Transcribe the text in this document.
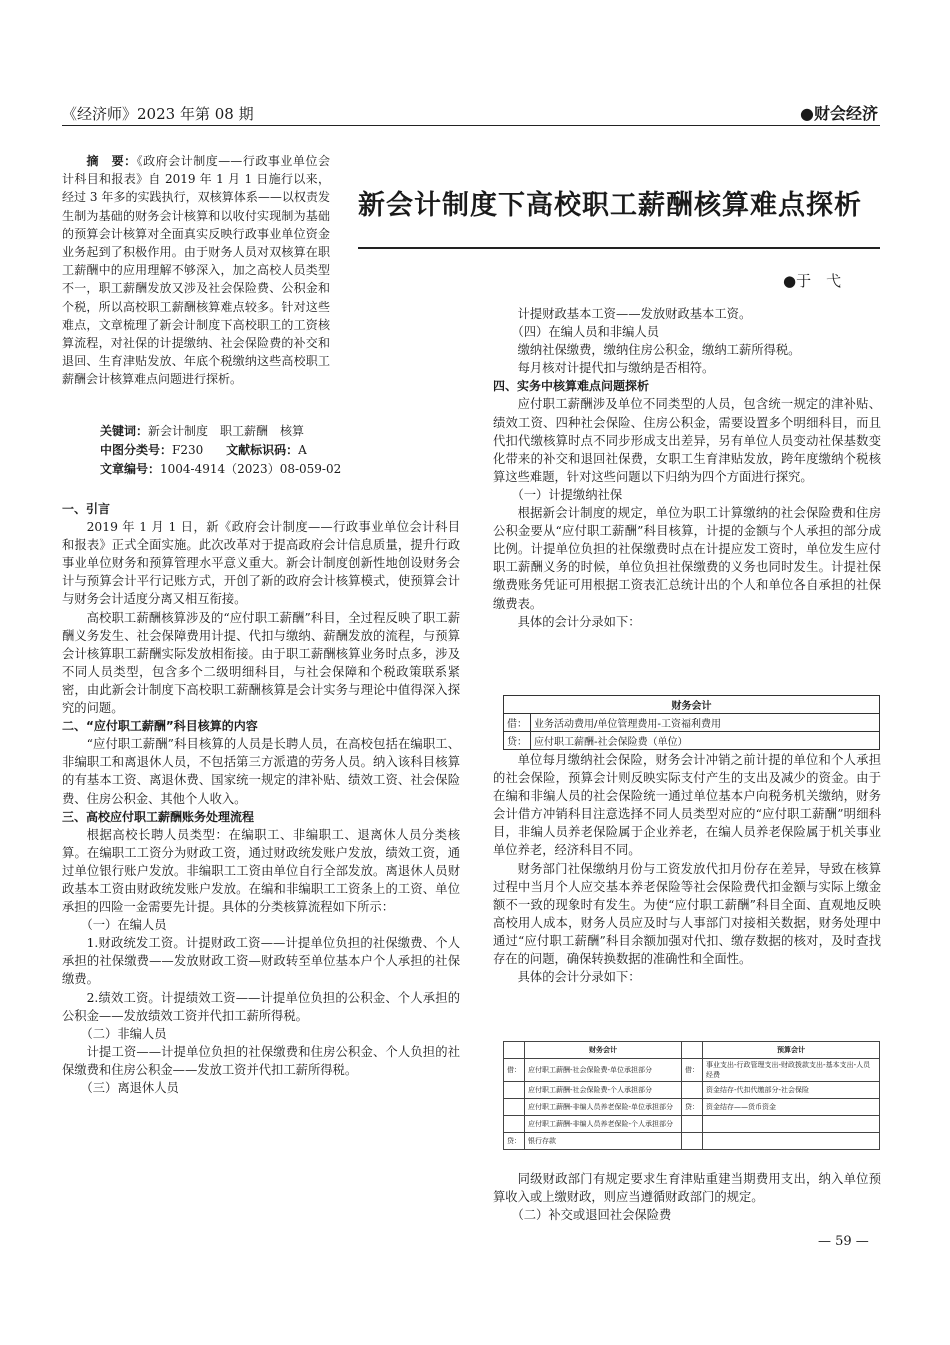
《经济师》2023 年第 08 期	●财会经济
新会计制度下高校职工薪酬核算难点探析
●于　弋
摘　要：《政府会计制度——行政事业单位会计科目和报表》自 2019 年 1 月 1 日施行以来，经过 3 年多的实践执行，双核算体系——以权责发生制为基础的财务会计核算和以收付实现制为基础的预算会计核算对全面真实反映行政事业单位资金业务起到了积极作用。由于财务人员对双核算在职工薪酬中的应用理解不够深入，加之高校人员类型不一，职工薪酬发放又涉及社会保险费、公积金和个税，所以高校职工薪酬核算难点较多。针对这些难点，文章梳理了新会计制度下高校职工的工资核算流程，对社保的计提缴纳、社会保险费的补交和退回、生育津贴发放、年底个税缴纳这些高校职工薪酬会计核算难点问题进行探析。
关键词：新会计制度　职工薪酬　核算
中图分类号：F230 文献标识码：A
文章编号：1004-4914（2023）08-059-02

一、引言

2019 年 1 月 1 日，新《政府会计制度——行政事业单位会计科目和报表》正式全面实施。此次改革对于提高政府会计信息质量，提升行政事业单位财务和预算管理水平意义重大。新会计制度创新性地创设财务会计与预算会计平行记账方式，开创了新的政府会计核算模式，使预算会计与财务会计适度分离又相互衔接。

高校职工薪酬核算涉及的“应付职工薪酬”科目，全过程反映了职工薪酬义务发生、社会保障费用计提、代扣与缴纳、薪酬发放的流程，与预算会计核算职工薪酬实际发放相衔接。由于职工薪酬核算业务时点多，涉及不同人员类型，包含多个二级明细科目，与社会保障和个税政策联系紧密，由此新会计制度下高校职工薪酬核算是会计实务与理论中值得深入探究的问题。

二、“应付职工薪酬”科目核算的内容

“应付职工薪酬”科目核算的人员是长聘人员，在高校包括在编职工、非编职工和离退休人员，不包括第三方派遣的劳务人员。纳入该科目核算的有基本工资、离退休费、国家统一规定的津补贴、绩效工资、社会保险费、住房公积金、其他个人收入。

三、高校应付职工薪酬账务处理流程

根据高校长聘人员类型：在编职工、非编职工、退离休人员分类核算。在编职工工资分为财政工资，通过财政统发账户发放，绩效工资，通过单位银行账户发放。非编职工工资由单位自行全部发放。离退休人员财政基本工资由财政统发账户发放。在编和非编职工工资条上的工资、单位承担的四险一金需要先计提。具体的分类核算流程如下所示：

（一）在编人员

1.财政统发工资。计提财政工资——计提单位负担的社保缴费、个人承担的社保缴费——发放财政工资—财政转至单位基本户个人承担的社保缴费。

2.绩效工资。计提绩效工资——计提单位负担的公积金、个人承担的公积金——发放绩效工资并代扣工薪所得税。

（二）非编人员

计提工资——计提单位负担的社保缴费和住房公积金、个人负担的社保缴费和住房公积金——发放工资并代扣工薪所得税。

（三）离退休人员

计提财政基本工资——发放财政基本工资。

（四）在编人员和非编人员

缴纳社保缴费，缴纳住房公积金，缴纳工薪所得税。

每月核对计提代扣与缴纳是否相符。

四、实务中核算难点问题探析

应付职工薪酬涉及单位不同类型的人员，包含统一规定的津补贴、绩效工资、四种社会保险、住房公积金，需要设置多个明细科目，而且代扣代缴核算时点不同步形成支出差异，另有单位人员变动社保基数变化带来的补交和退回社保费，女职工生育津贴发放，跨年度缴纳个税核算这些难题，针对这些问题以下归纳为四个方面进行探究。

（一）计提缴纳社保

根据新会计制度的规定，单位为职工计算缴纳的社会保险费和住房公积金要从“应付职工薪酬”科目核算，计提的金额与个人承担的部分成比例。计提单位负担的社保缴费时点在计提应发工资时，单位发生应付职工薪酬义务的时候，单位负担社保缴费的义务也同时发生。计提社保缴费账务凭证可用根据工资表汇总统计出的个人和单位各自承担的社保缴费表。

具体的会计分录如下：

财务会计	
借：	业务活动费用/单位管理费用-工资福利费用
贷：	应付职工薪酬-社会保险费（单位）

单位每月缴纳社会保险，财务会计冲销之前计提的单位和个人承担的社会保险，预算会计则反映实际支付产生的支出及减少的资金。由于在编和非编人员的社会保险统一通过单位基本户向税务机关缴纳，财务会计借方冲销科目注意选择不同人员类型对应的“应付职工薪酬”明细科目，非编人员养老保险属于企业养老，在编人员养老保险属于机关事业单位养老，经济科目不同。

财务部门社保缴纳月份与工资发放代扣月份存在差异，导致在核算过程中当月个人应交基本养老保险等社会保险费代扣金额与实际上缴金额不一致的现象时有发生。为使“应付职工薪酬”科目全面、直观地反映高校用人成本，财务人员应及时与人事部门对接相关数据，财务处理中通过“应付职工薪酬”科目余额加强对代扣、缴存数据的核对，及时查找存在的问题，确保转换数据的准确性和全面性。

具体的会计分录如下：

	财务会计		预算会计
借：	应付职工薪酬-社会保险费-单位承担部分	借：	事业支出-行政管理支出-财政拨款支出-基本支出-人员经费
	应付职工薪酬-社会保险费-个人承担部分		资金结存-代扣代缴部分-社会保险
	应付职工薪酬-非编人员养老保险-单位承担部分	贷：	资金结存——货币资金
	应付职工薪酬-非编人员养老保险-个人承担部分		
贷：	银行存款		

同级财政部门有规定要求生育津贴重建当期费用支出，纳入单位预算收入或上缴财政，则应当遵循财政部门的规定。

（二）补交或退回社会保险费

— 59 —
